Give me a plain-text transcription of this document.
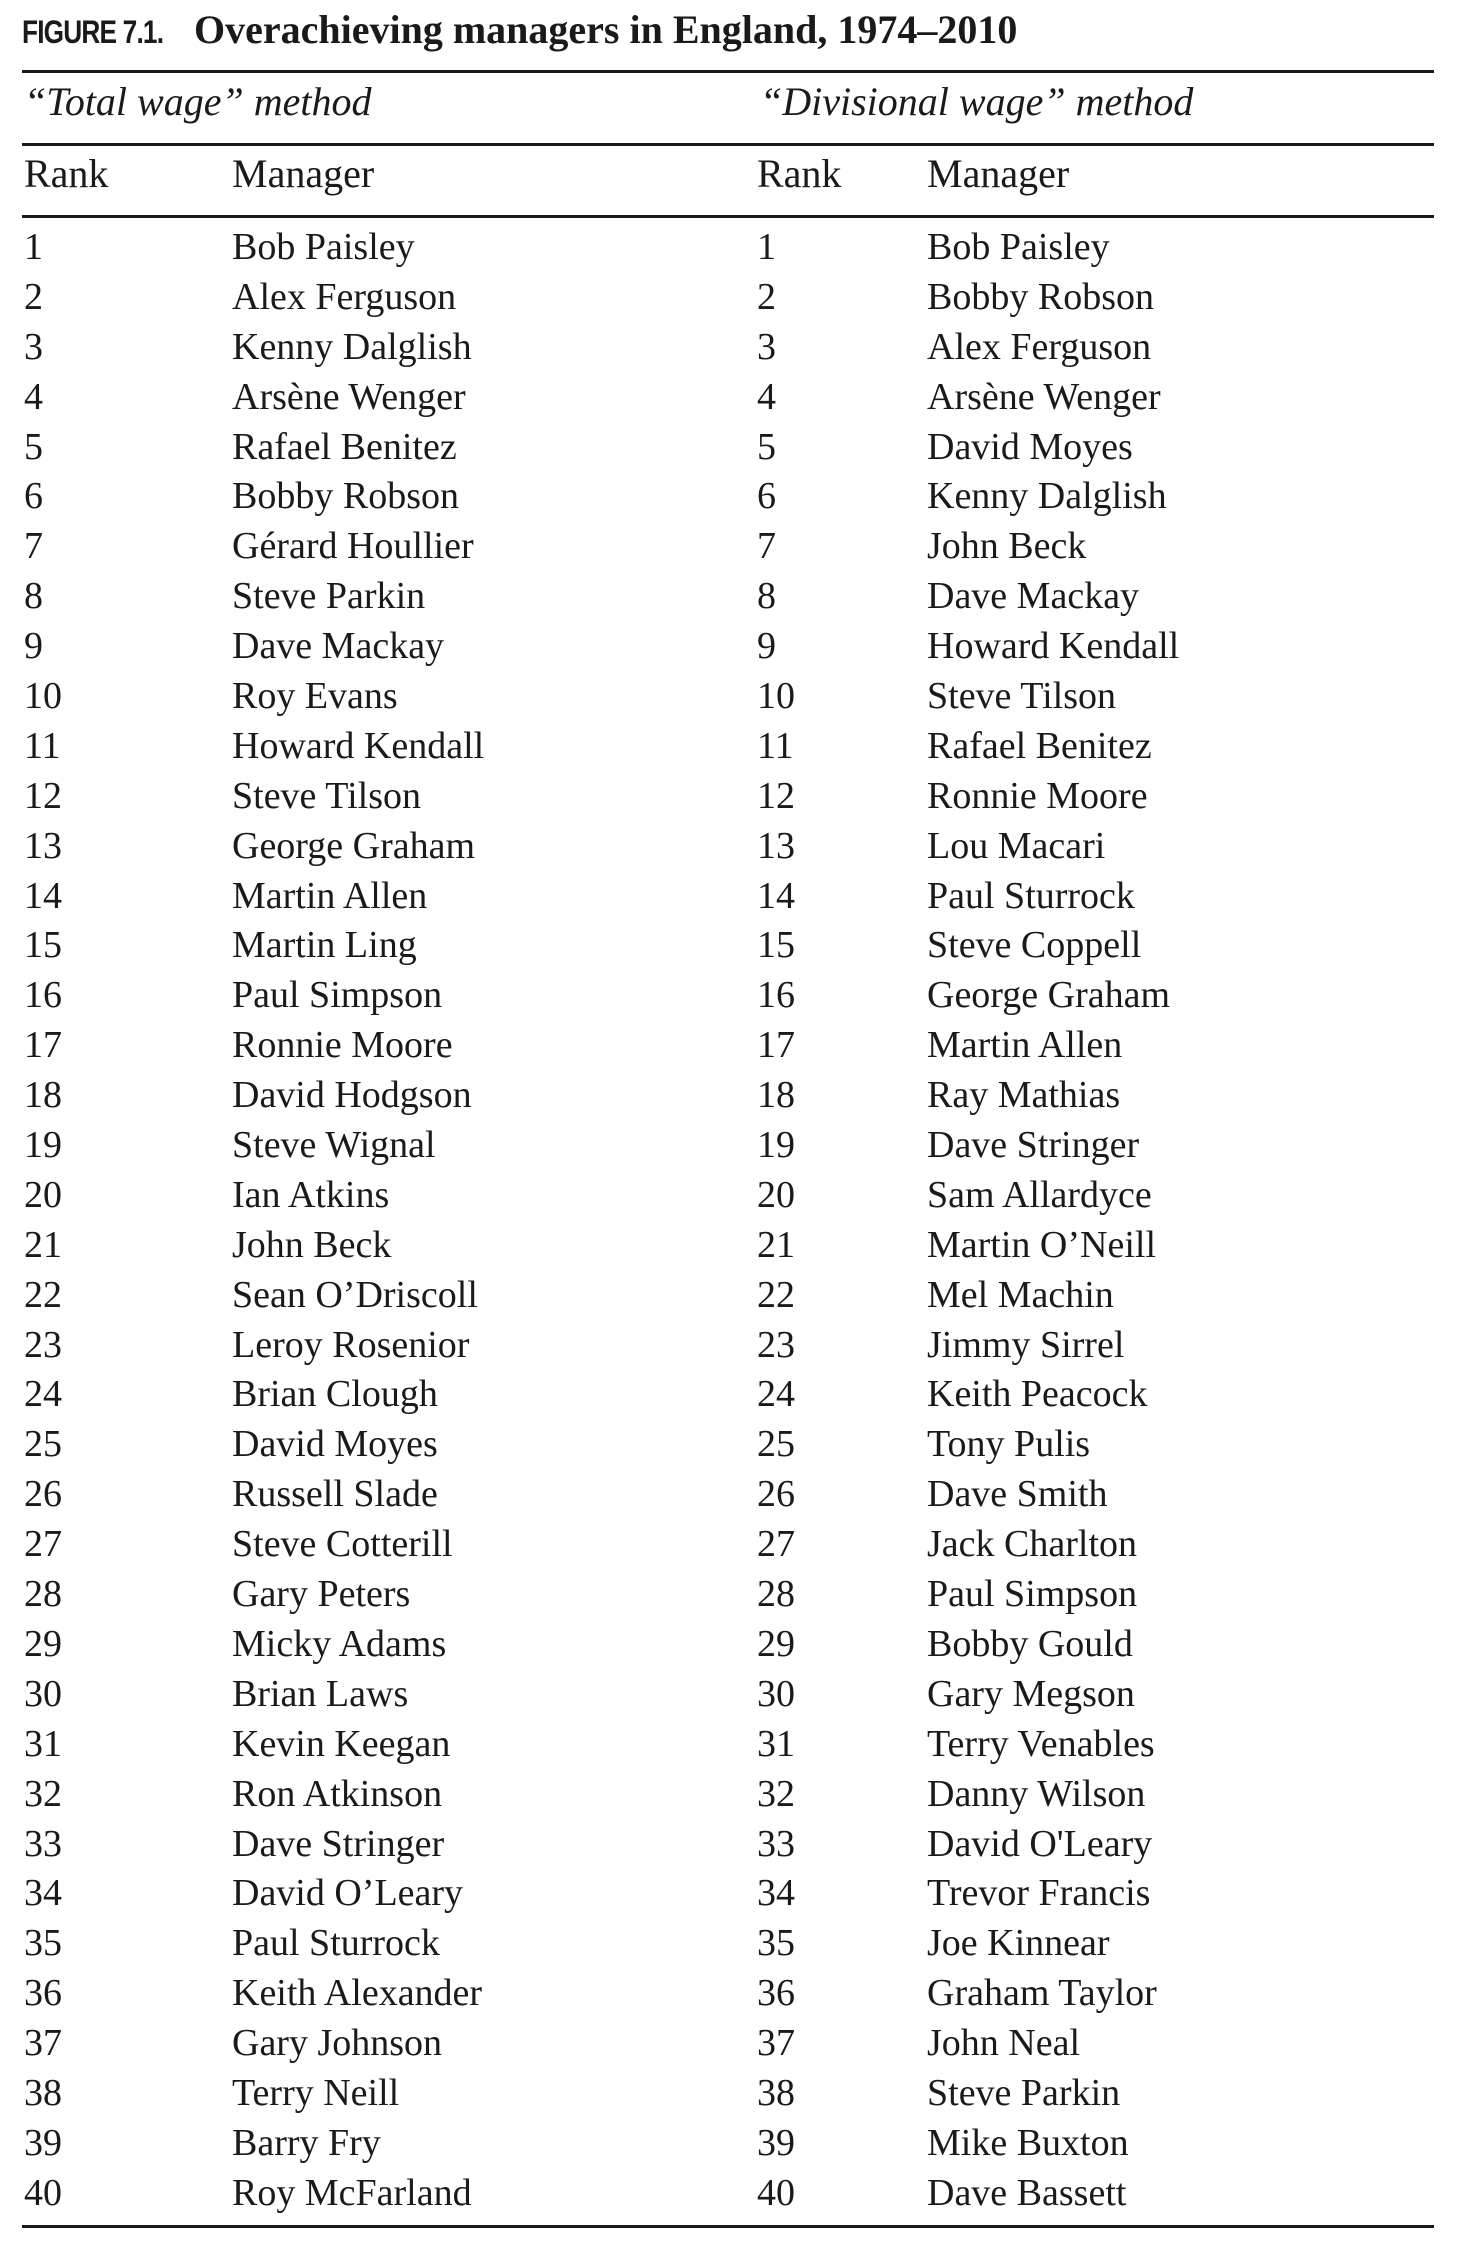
FIGURE 7.1. Overachieving managers in England, 1974–2010
“Total wage” method	“Divisional wage” method
Rank	Manager	Rank Manager
1	Bob Paisley	1	Bob Paisley
2	Alex Ferguson	2	Bobby Robson
3	Kenny Dalglish	3	Alex Ferguson
4	Arsène Wenger	4	Arsène Wenger
5	Rafael Benitez	5	David Moyes
6	Bobby Robson	6	Kenny Dalglish
7	Gérard Houllier	7	John Beck
8	Steve Parkin	8	Dave Mackay
9	Dave Mackay	9	Howard Kendall
10	Roy Evans	10	Steve Tilson
11	Howard Kendall	11	Rafael Benitez
12	Steve Tilson	12	Ronnie Moore
13	George Graham	13	Lou Macari
14	Martin Allen	14	Paul Sturrock
15	Martin Ling	15	Steve Coppell
16	Paul Simpson	16	George Graham
17	Ronnie Moore	17	Martin Allen
18	David Hodgson	18	Ray Mathias
19	Steve Wignal	19	Dave Stringer
20	Ian Atkins	20	Sam Allardyce
21	John Beck	21	Martin O’Neill
22	Sean O’Driscoll	22	Mel Machin
23	Leroy Rosenior	23	Jimmy Sirrel
24	Brian Clough	24	Keith Peacock
25	David Moyes	25	Tony Pulis
26	Russell Slade	26	Dave Smith
27	Steve Cotterill	27	Jack Charlton
28	Gary Peters	28	Paul Simpson
29	Micky Adams	29	Bobby Gould
30	Brian Laws	30	Gary Megson
31	Kevin Keegan	31	Terry Venables
32	Ron Atkinson	32	Danny Wilson
33	Dave Stringer	33	David O'Leary
34	David O’Leary	34	Trevor Francis
35	Paul Sturrock	35	Joe Kinnear
36	Keith Alexander	36	Graham Taylor
37	Gary Johnson	37	John Neal
38	Terry Neill	38	Steve Parkin
39	Barry Fry	39	Mike Buxton
40	Roy McFarland	40	Dave Bassett
